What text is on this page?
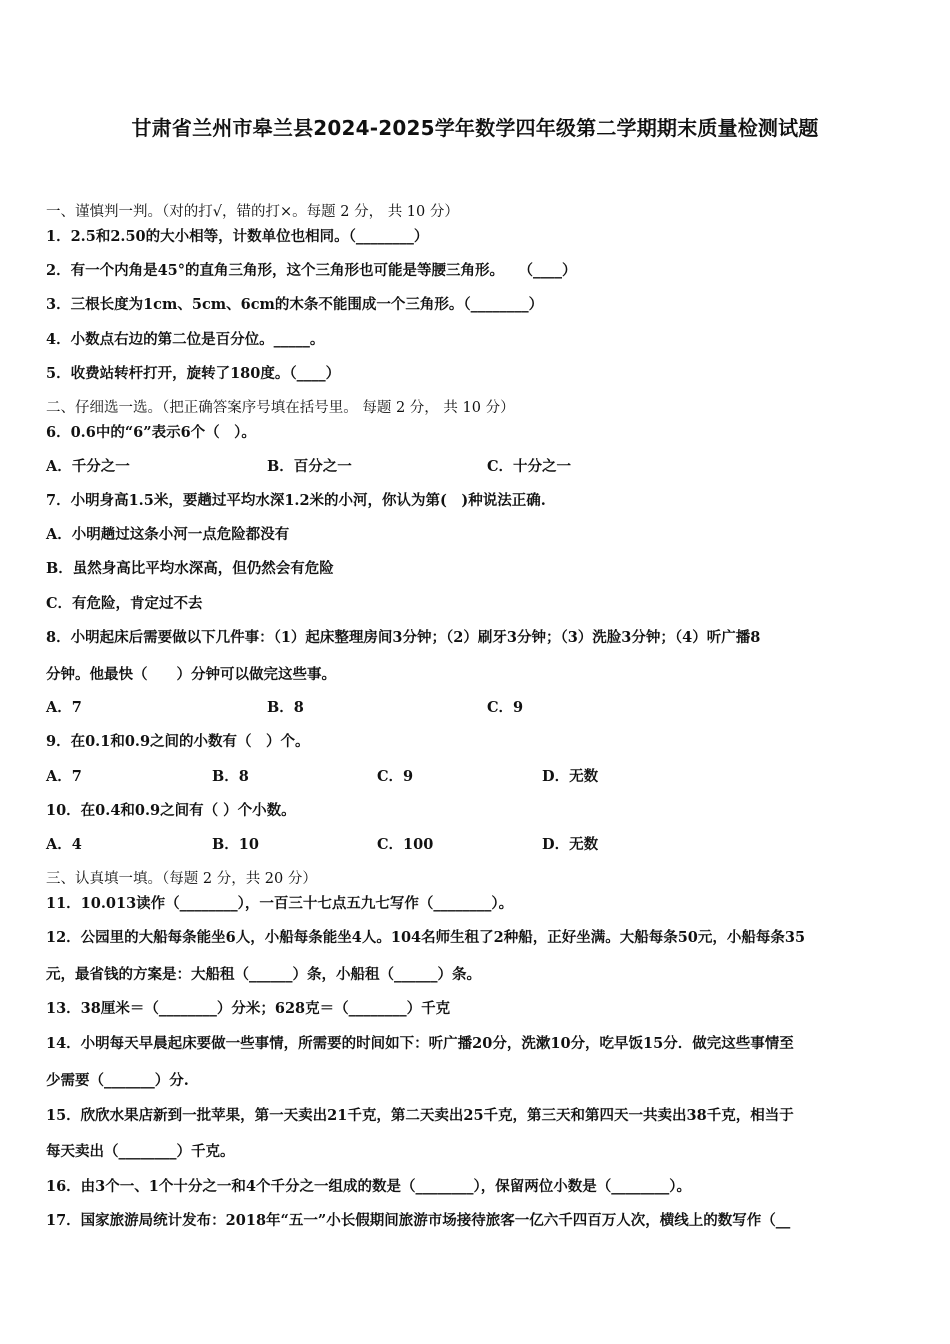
甘肃省兰州市皋兰县2024-2025学年数学四年级第二学期期末质量检测试题
一、谨慎判一判。（对的打√，错的打×。每题 2 分， 共 10 分）
1．2.5和2.50的大小相等，计数单位也相同。（________）
2．有一个内角是45°的直角三角形，这个三角形也可能是等腰三角形。　　（____）
3．三根长度为1cm、5cm、6cm的木条不能围成一个三角形。（________）
4．小数点右边的第二位是百分位。_____。
5．收费站转杆打开，旋转了180度。（____）
二、仔细选一选。（把正确答案序号填在括号里。 每题 2 分， 共 10 分）
6．0.6中的“6”表示6个（　）。
A．千分之一	B．百分之一	C．十分之一
7．小明身高1.5米，要趟过平均水深1.2米的小河，你认为第(　)种说法正确.
A．小明趟过这条小河一点危险都没有
B．虽然身高比平均水深高，但仍然会有危险
C．有危险，肯定过不去
8．小明起床后需要做以下几件事：（1）起床整理房间3分钟；（2）刷牙3分钟；（3）洗脸3分钟；（4）听广播8
分钟。他最快（　　）分钟可以做完这些事。
A．7	B．8	C．9
9．在0.1和0.9之间的小数有（　）个。
A．7	B．8	C．9	D．无数
10．在0.4和0.9之间有（ ）个小数。
A．4	B．10	C．100	D．无数
三、认真填一填。（每题 2 分，共 20 分）
11．10.013读作（________），一百三十七点五九七写作（________）。
12．公园里的大船每条能坐6人，小船每条能坐4人。104名师生租了2种船，正好坐满。大船每条50元，小船每条35
元，最省钱的方案是：大船租（______）条，小船租（______）条。
13．38厘米＝（________）分米；628克＝（________）千克
14．小明每天早晨起床要做一些事情，所需要的时间如下：听广播20分，洗漱10分，吃早饭15分．做完这些事情至
少需要（_______）分.
15．欣欣水果店新到一批苹果，第一天卖出21千克，第二天卖出25千克，第三天和第四天一共卖出38千克，相当于
每天卖出（________）千克。
16．由3个一、1个十分之一和4个千分之一组成的数是（________），保留两位小数是（________）。
17．国家旅游局统计发布：2018年“五一”小长假期间旅游市场接待旅客一亿六千四百万人次，横线上的数写作（__
